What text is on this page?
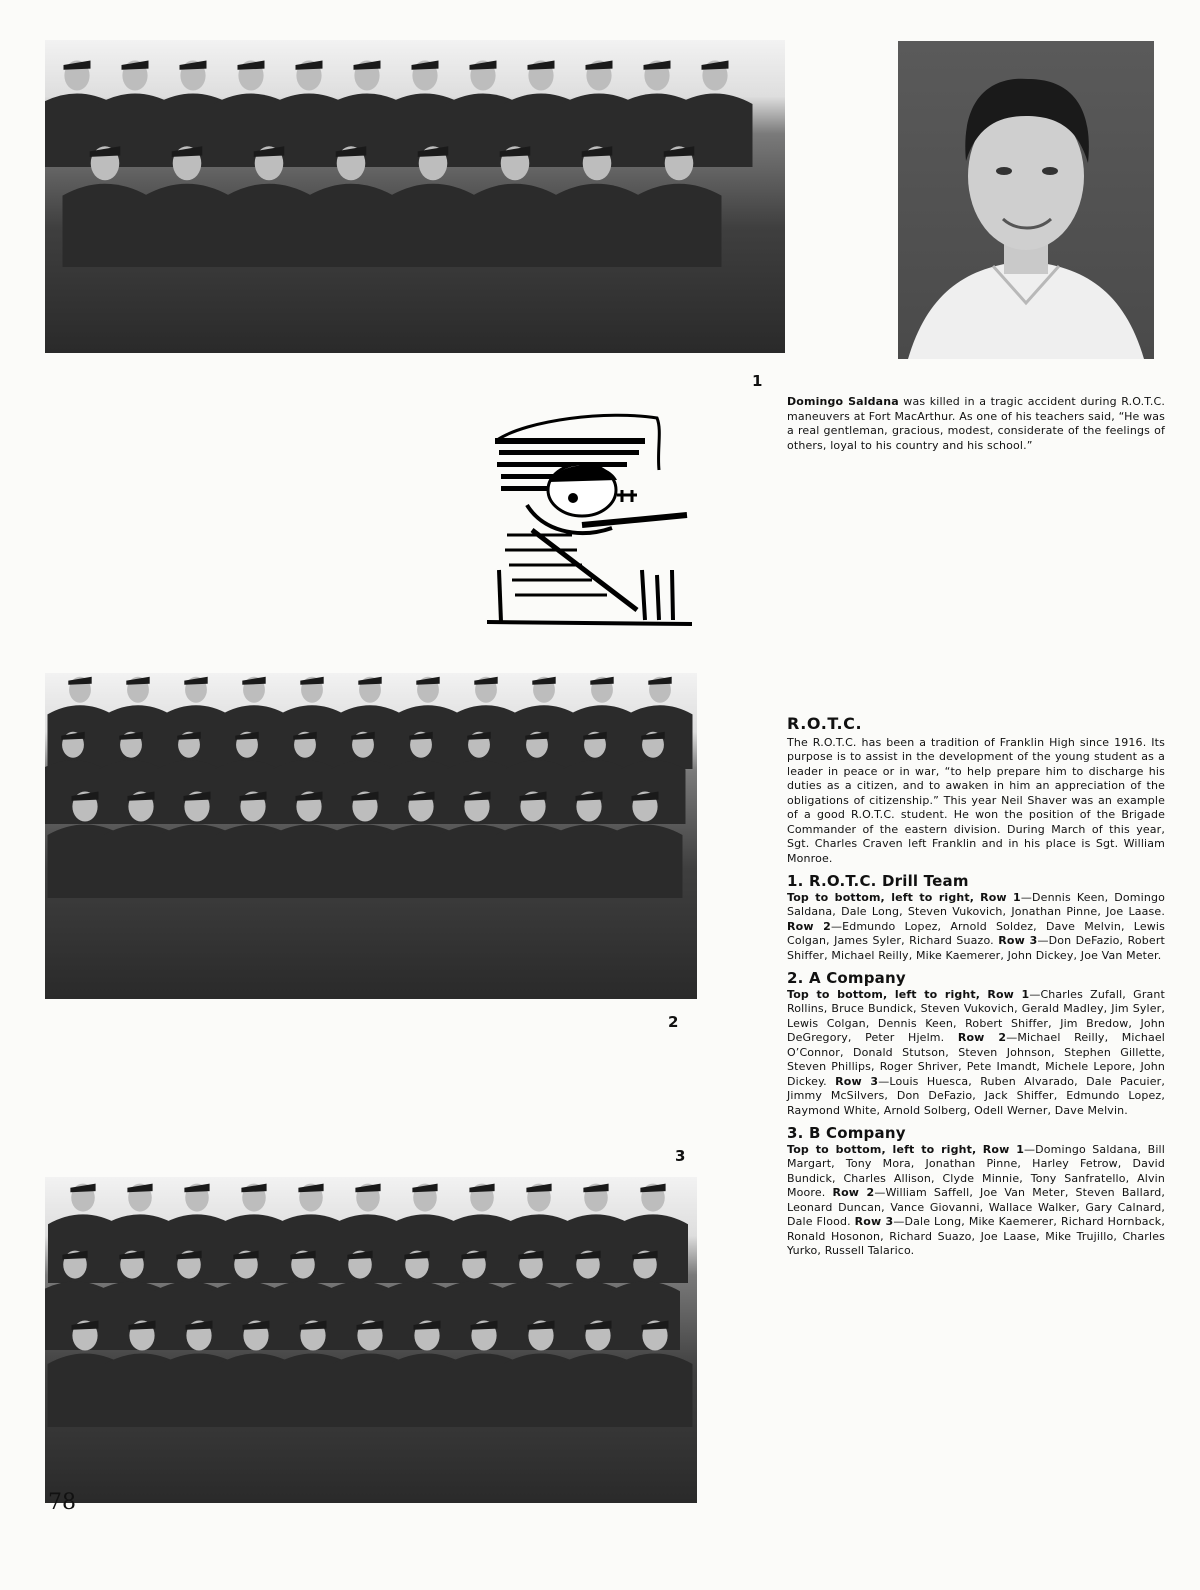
1
Domingo Saldana was killed in a tragic accident during R.O.T.C. maneuvers at Fort MacArthur. As one of his teachers said, “He was a real gentleman, gracious, modest, considerate of the feelings of others, loyal to his country and his school.”
2
3
R.O.T.C.
The R.O.T.C. has been a tradition of Franklin High since 1916. Its purpose is to assist in the development of the young student as a leader in peace or in war, “to help prepare him to discharge his duties as a citizen, and to awaken in him an appreciation of the obligations of citizenship.” This year Neil Shaver was an example of a good R.O.T.C. student. He won the position of the Brigade Commander of the eastern division. During March of this year, Sgt. Charles Craven left Franklin and in his place is Sgt. William Monroe.
1. R.O.T.C. Drill Team
Top to bottom, left to right, Row 1—Dennis Keen, Domingo Saldana, Dale Long, Steven Vukovich, Jonathan Pinne, Joe Laase. Row 2—Edmundo Lopez, Arnold Soldez, Dave Melvin, Lewis Colgan, James Syler, Richard Suazo. Row 3—Don DeFazio, Robert Shiffer, Michael Reilly, Mike Kaemerer, John Dickey, Joe Van Meter.
2. A Company
Top to bottom, left to right, Row 1—Charles Zufall, Grant Rollins, Bruce Bundick, Steven Vukovich, Gerald Madley, Jim Syler, Lewis Colgan, Dennis Keen, Robert Shiffer, Jim Bredow, John DeGregory, Peter Hjelm. Row 2—Michael Reilly, Michael O’Connor, Donald Stutson, Steven Johnson, Stephen Gillette, Steven Phillips, Roger Shriver, Pete Imandt, Michele Lepore, John Dickey. Row 3—Louis Huesca, Ruben Alvarado, Dale Pacuier, Jimmy McSilvers, Don DeFazio, Jack Shiffer, Edmundo Lopez, Raymond White, Arnold Solberg, Odell Werner, Dave Melvin.
3. B Company
Top to bottom, left to right, Row 1—Domingo Saldana, Bill Margart, Tony Mora, Jonathan Pinne, Harley Fetrow, David Bundick, Charles Allison, Clyde Minnie, Tony Sanfratello, Alvin Moore. Row 2—William Saffell, Joe Van Meter, Steven Ballard, Leonard Duncan, Vance Giovanni, Wallace Walker, Gary Calnard, Dale Flood. Row 3—Dale Long, Mike Kaemerer, Richard Hornback, Ronald Hosonon, Richard Suazo, Joe Laase, Mike Trujillo, Charles Yurko, Russell Talarico.
78
